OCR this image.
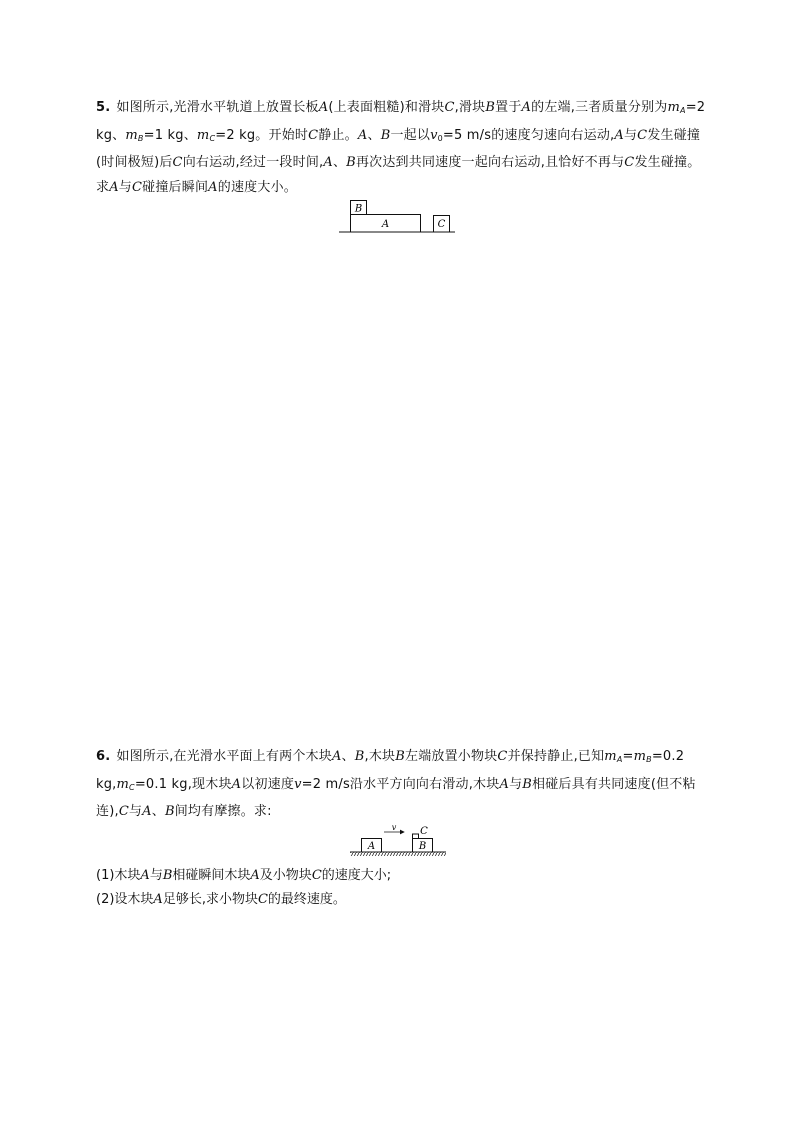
5. 如图所示,光滑水平轨道上放置长板A(上表面粗糙)和滑块C,滑块B置于A的左端,三者质量分别为$m_A=2$ kg、$m_B=1$ kg、$m_C=2$ kg。开始时C静止。A、B一起以$v_0=5$ m/s的速度匀速向右运动,A与C发生碰撞(时间极短)后C向右运动,经过一段时间,A、B再次达到共同速度一起向右运动,且恰好不再与C发生碰撞。求A与C碰撞后瞬间A的速度大小。
B
A	C
6. 如图所示,在光滑水平面上有两个木块A、B,木块B左端放置小物块C并保持静止,已知$m_A=m_B=0.2$ $kg,m_C=0.1$ kg,现木块A以初速度v=2 m/s沿水平方向向右滑动,木块A与B相碰后具有共同速度(但不粘连),C与A、B间均有摩擦。求:
A
v
B
C
(1)木块A与B相碰瞬间木块A及小物块C的速度大小;
(2)设木块A足够长,求小物块C的最终速度。
